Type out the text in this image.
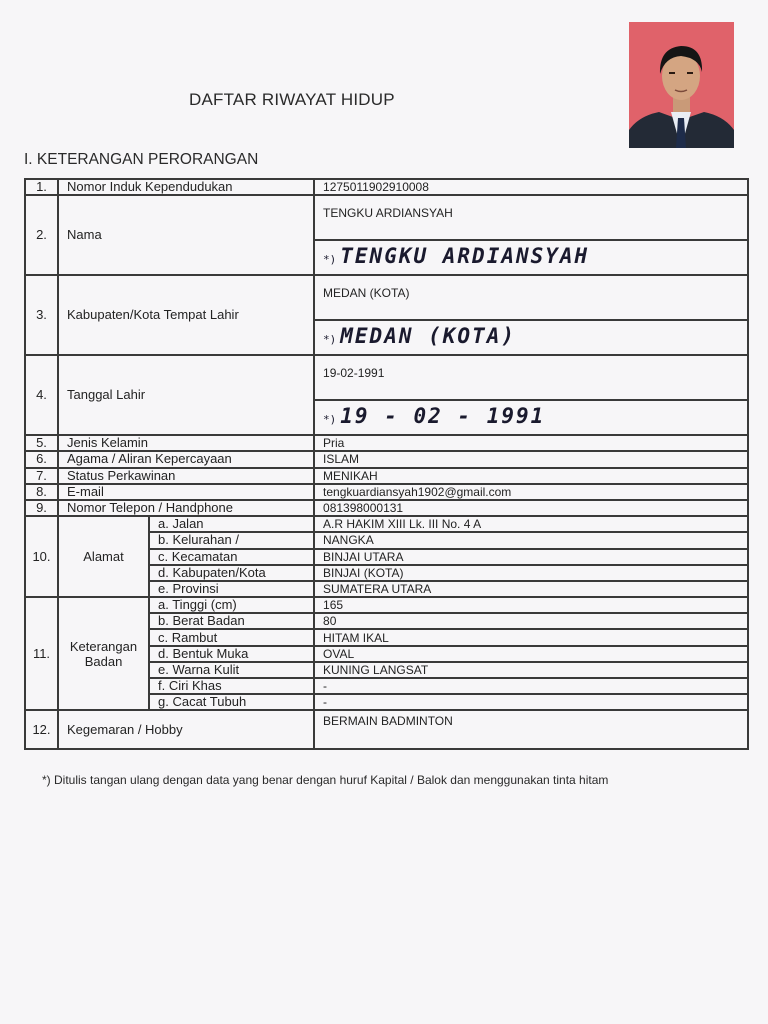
DAFTAR RIWAYAT HIDUP
I. KETERANGAN PERORANGAN
1.	Nomor Induk Kependudukan		1275011902910008
2.	Nama		TENGKU ARDIANSYAH
			*) TENGKU ARDIANSYAH
3.	Kabupaten/Kota Tempat Lahir		MEDAN (KOTA)
			*) MEDAN (KOTA)
4.	Tanggal Lahir		19-02-1991
			*) 19 - 02 - 1991
5.	Jenis Kelamin		Pria
6.	Agama / Aliran Kepercayaan		ISLAM
7.	Status Perkawinan		MENIKAH
8.	E-mail		tengkuardiansyah1902@gmail.com
9.	Nomor Telepon / Handphone		081398000131
10.	Alamat	a. Jalan	A.R HAKIM XIII Lk. III No. 4 A
		b. Kelurahan /	NANGKA
		c. Kecamatan	BINJAI UTARA
		d. Kabupaten/Kota	BINJAI (KOTA)
		e. Provinsi	SUMATERA UTARA
11.	Keterangan
Badan	a. Tinggi (cm)	165
		b. Berat Badan	80
		c. Rambut	HITAM IKAL
		d. Bentuk Muka	OVAL
		e. Warna Kulit	KUNING LANGSAT
		f. Ciri Khas	-
		g. Cacat Tubuh	-
12.	Kegemaran / Hobby		BERMAIN BADMINTON
*) Ditulis tangan ulang dengan data yang benar dengan huruf Kapital / Balok dan menggunakan tinta hitam
